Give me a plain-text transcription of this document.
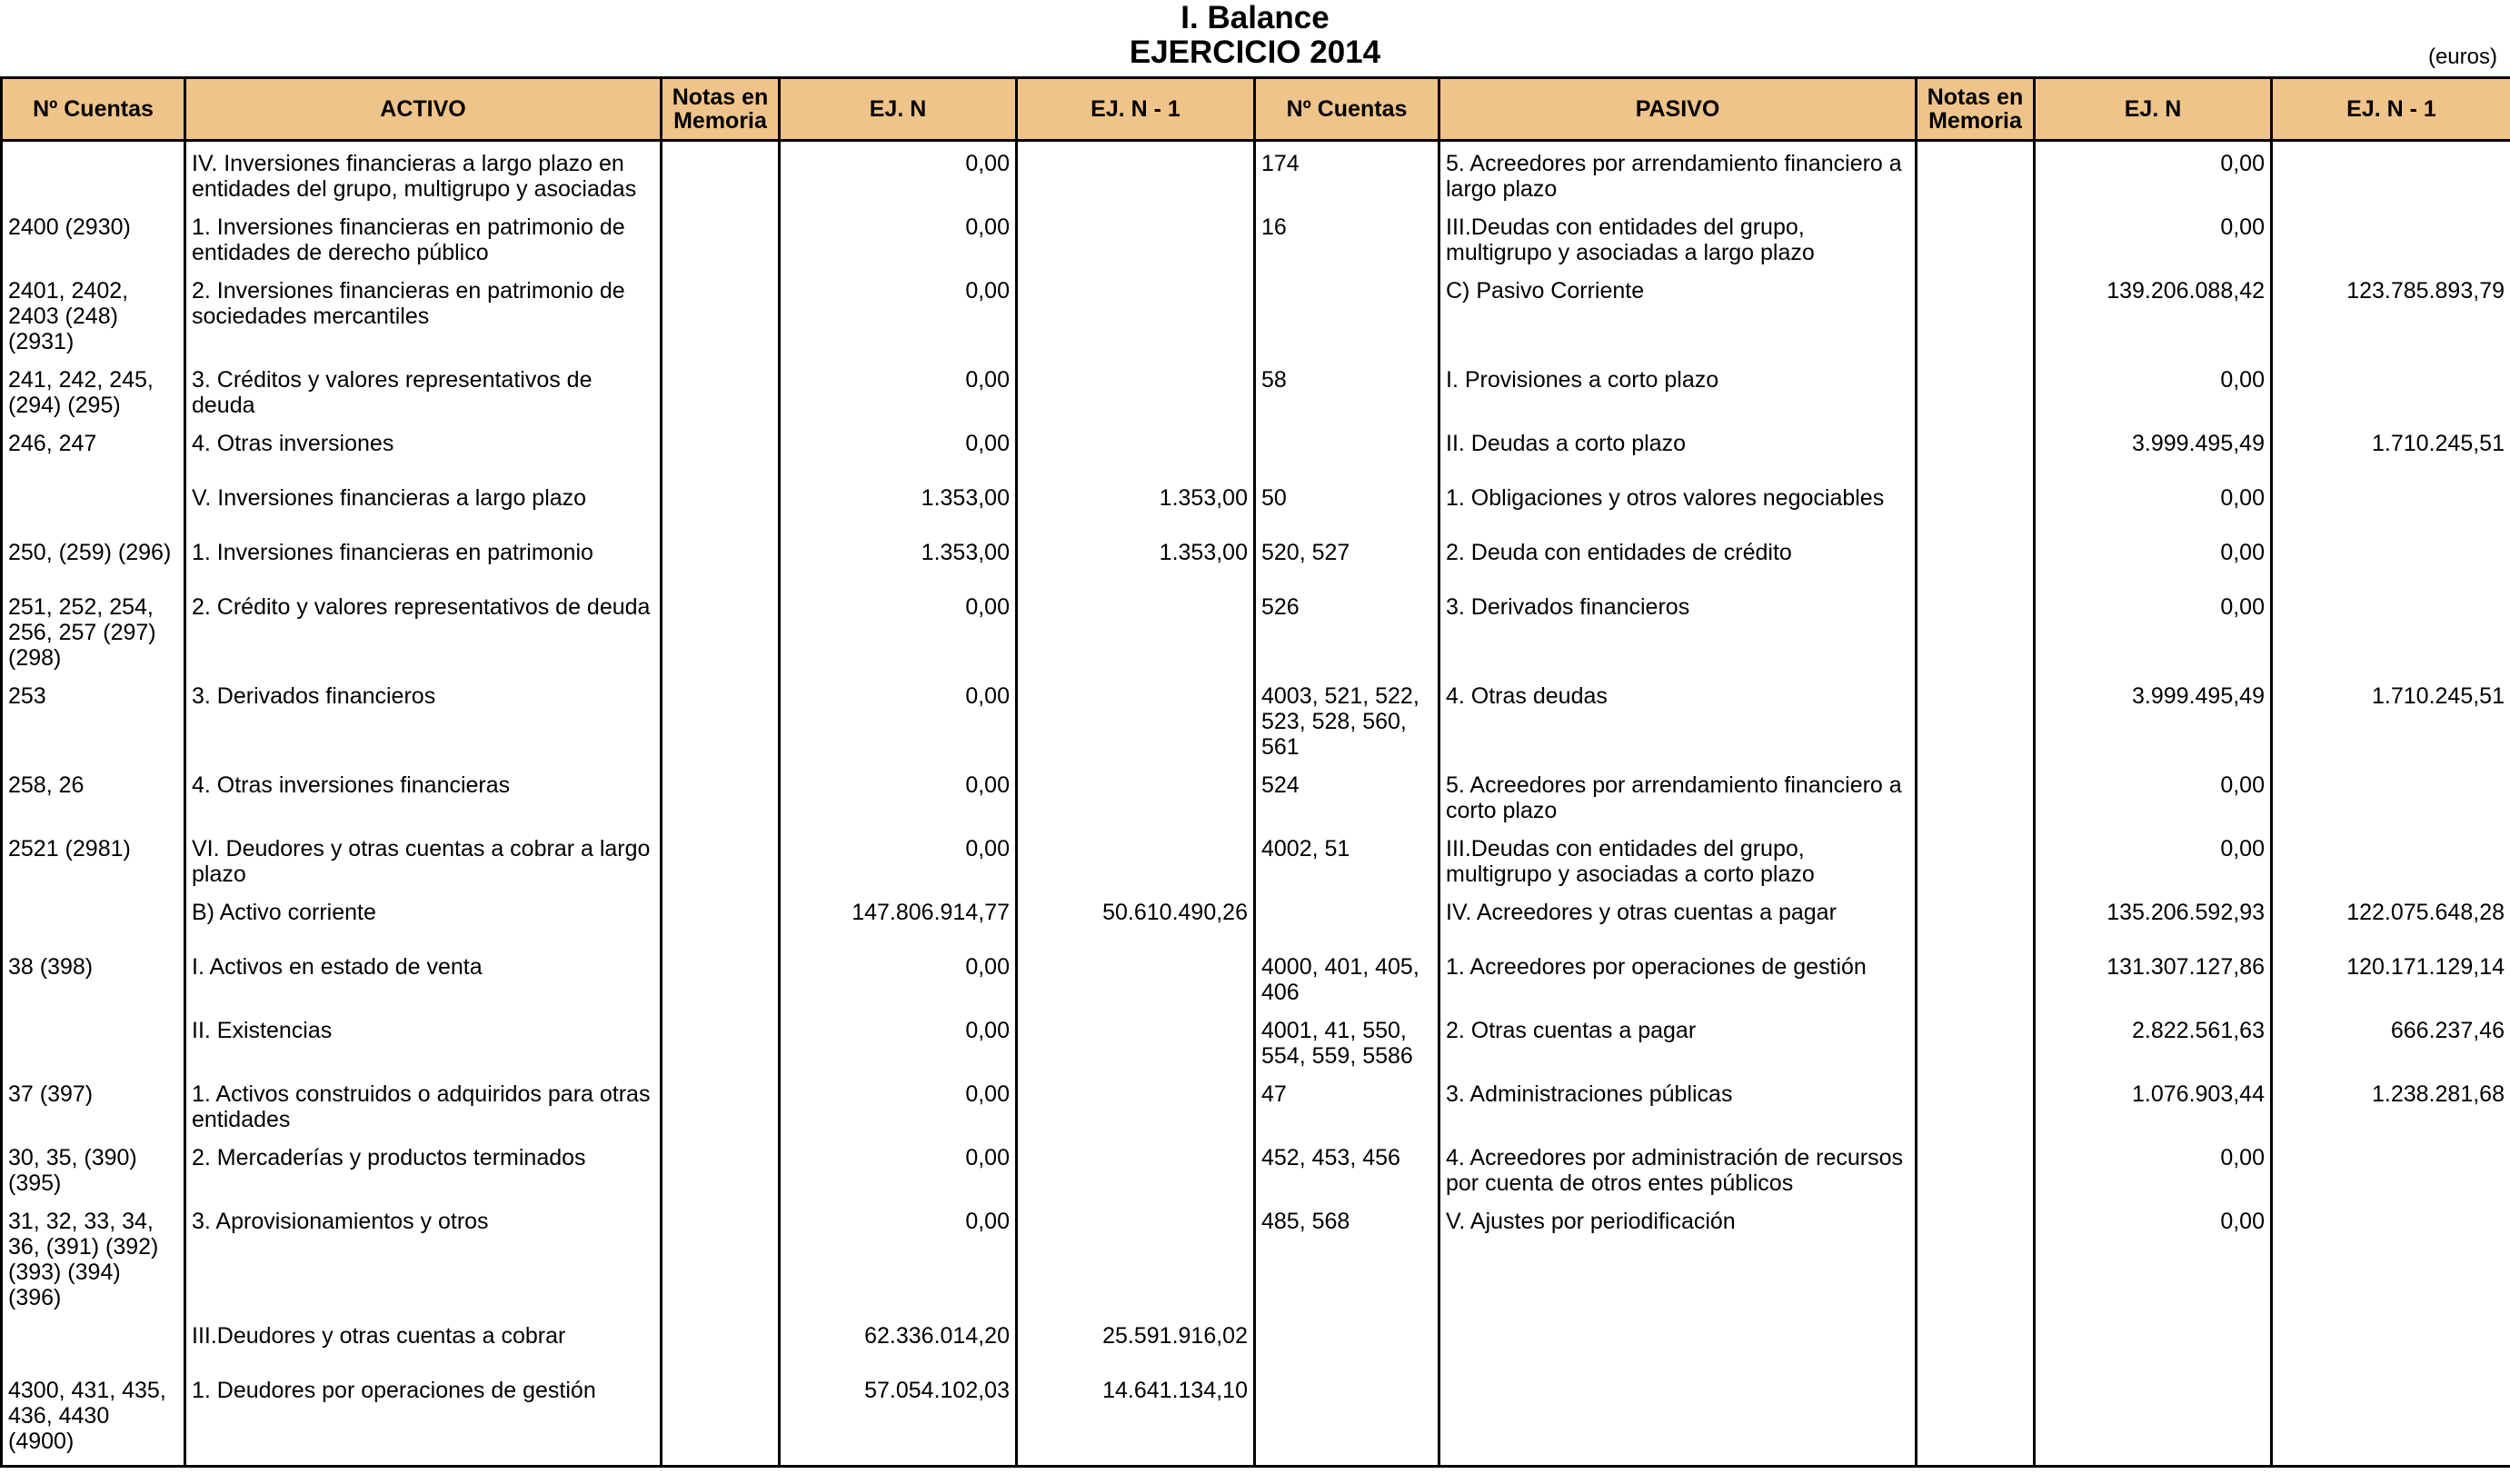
I. Balance
EJERCICIO 2014	(euros)
Nº Cuentas	ACTIVO	Notas en Memoria	EJ. N	EJ. N - 1	Nº Cuentas	PASIVO	Notas en Memoria	EJ. N	EJ. N - 1
	IV. Inversiones financieras a largo plazo en entidades del grupo, multigrupo y asociadas		0,00		174	5. Acreedores por arrendamiento financiero a largo plazo		0,00	
2400 (2930)	1. Inversiones financieras en patrimonio de entidades de derecho público		0,00		16	III.Deudas con entidades del grupo, multigrupo y asociadas a largo plazo		0,00	
2401, 2402, 2403 (248) (2931)	2. Inversiones financieras en patrimonio de sociedades mercantiles		0,00			C) Pasivo Corriente		139.206.088,42	123.785.893,79
241, 242, 245, (294) (295)	3. Créditos y valores representativos de deuda		0,00		58	I. Provisiones a corto plazo		0,00	
246, 247	4. Otras inversiones		0,00			II. Deudas a corto plazo		3.999.495,49	1.710.245,51
	V. Inversiones financieras a largo plazo		1.353,00	1.353,00	50	1. Obligaciones y otros valores negociables		0,00	
250, (259) (296)	1. Inversiones financieras en patrimonio		1.353,00	1.353,00	520, 527	2. Deuda con entidades de crédito		0,00	
251, 252, 254, 256, 257 (297) (298)	2. Crédito y valores representativos de deuda		0,00		526	3. Derivados financieros		0,00	
253	3. Derivados financieros		0,00		4003, 521, 522, 523, 528, 560, 561	4. Otras deudas		3.999.495,49	1.710.245,51
258, 26	4. Otras inversiones financieras		0,00		524	5. Acreedores por arrendamiento financiero a corto plazo		0,00	
2521 (2981)	VI. Deudores y otras cuentas a cobrar a largo plazo		0,00		4002, 51	III.Deudas con entidades del grupo, multigrupo y asociadas a corto plazo		0,00	
	B) Activo corriente		147.806.914,77	50.610.490,26		IV. Acreedores y otras cuentas a pagar		135.206.592,93	122.075.648,28
38 (398)	I. Activos en estado de venta		0,00		4000, 401, 405, 406	1. Acreedores por operaciones de gestión		131.307.127,86	120.171.129,14
	II. Existencias		0,00		4001, 41, 550, 554, 559, 5586	2. Otras cuentas a pagar		2.822.561,63	666.237,46
37 (397)	1. Activos construidos o adquiridos para otras entidades		0,00		47	3. Administraciones públicas		1.076.903,44	1.238.281,68
30, 35, (390) (395)	2. Mercaderías y productos terminados		0,00		452, 453, 456	4. Acreedores por administración de recursos por cuenta de otros entes públicos		0,00	
31, 32, 33, 34, 36, (391) (392) (393) (394) (396)	3. Aprovisionamientos y otros		0,00		485, 568	V. Ajustes por periodificación		0,00	
	III.Deudores y otras cuentas a cobrar		62.336.014,20	25.591.916,02					
4300, 431, 435, 436, 4430 (4900)	1. Deudores por operaciones de gestión		57.054.102,03	14.641.134,10					
